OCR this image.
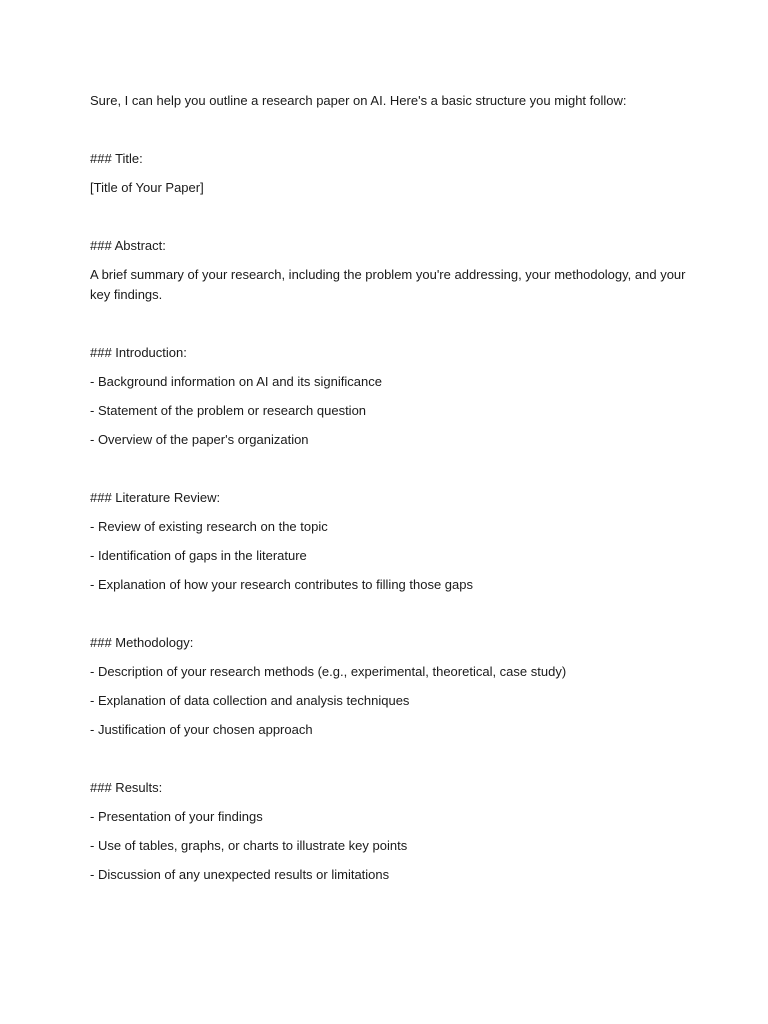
Sure, I can help you outline a research paper on AI. Here's a basic structure you might follow:

### Title:

[Title of Your Paper]

### Abstract:

A brief summary of your research, including the problem you're addressing, your methodology, and your key findings.

### Introduction:

- Background information on AI and its significance

- Statement of the problem or research question

- Overview of the paper's organization

### Literature Review:

- Review of existing research on the topic

- Identification of gaps in the literature

- Explanation of how your research contributes to filling those gaps

### Methodology:

- Description of your research methods (e.g., experimental, theoretical, case study)

- Explanation of data collection and analysis techniques

- Justification of your chosen approach

### Results:

- Presentation of your findings

- Use of tables, graphs, or charts to illustrate key points

- Discussion of any unexpected results or limitations
